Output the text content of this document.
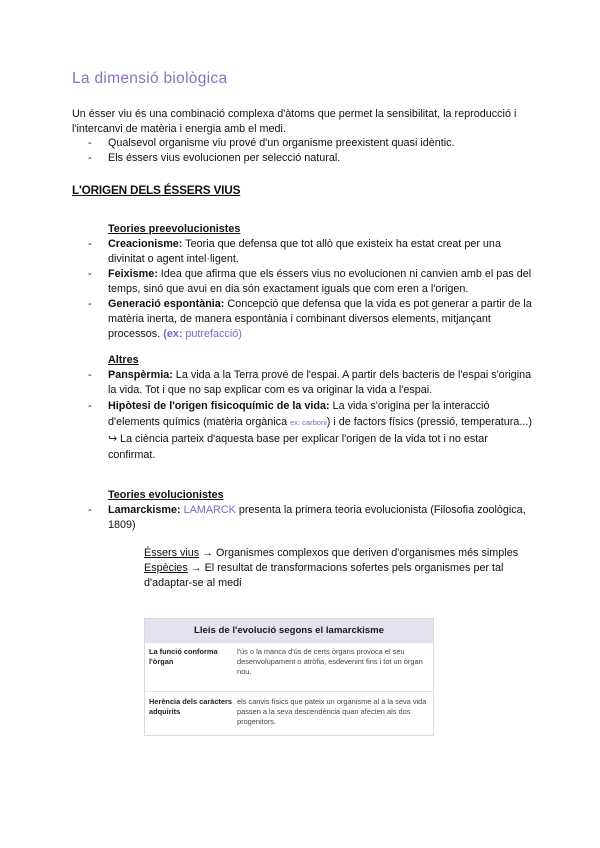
La dimensió biològica

Un ésser viu és una combinació complexa d'àtoms que permet la sensibilitat, la reproducció i l'intercanvi de matèria i energia amb el medi.

- Qualsevol organisme viu prové d'un organisme preexistent quasi idèntic.
- Els éssers vius evolucionen per selecció natural.
L'ORIGEN DELS ÉSSERS VIUS

Teories preevolucionistes

- Creacionisme: Teoria que defensa que tot allò que existeix ha estat creat per una divinitat o agent intel·ligent.
- Feixisme: Idea que afirma que els éssers vius no evolucionen ni canvien amb el pas del temps, sinó que avui en dia són exactament iguals que com eren a l'origen.
- Generació espontània: Concepció que defensa que la vida es pot generar a partir de la matèria inerta, de manera espontània i combinant diversos elements, mitjançant processos. (ex: putrefacció)

Altres

- Panspèrmia: La vida a la Terra prové de l'espai. A partir dels bacteris de l'espai s'origina la vida. Tot i que no sap explicar com es va originar la vida a l'espai.
- Hipòtesi de l'origen fisicoquímic de la vida: La vida s'origina per la interacció d'elements químics (matèria orgànica ex: carboni) i de factors físics (pressió, temperatura...)
↪ La ciència parteix d'aquesta base per explicar l'origen de la vida tot i no estar confirmat.

Teories evolucionistes

- Lamarckisme: LAMARCK presenta la primera teoria evolucionista (Filosofia zoològica, 1809)

Éssers vius → Organismes complexos que deriven d'organismes més simples

Espècies → El resultat de transformacions sofertes pels organismes per tal d'adaptar-se al medi

Lleis de l'evolució segons el lamarckisme
La funció conforma l'òrgan
l'ús o la manca d'ús de certs òrgans provoca el seu desenvolupament o atròfia, esdevenint fins i tot un òrgan nou.
Herència dels caràcters adquirits
els canvis físics que pateix un organisme al a la seva vida passen a la seva descendència quan afecten als dos progenitors.
